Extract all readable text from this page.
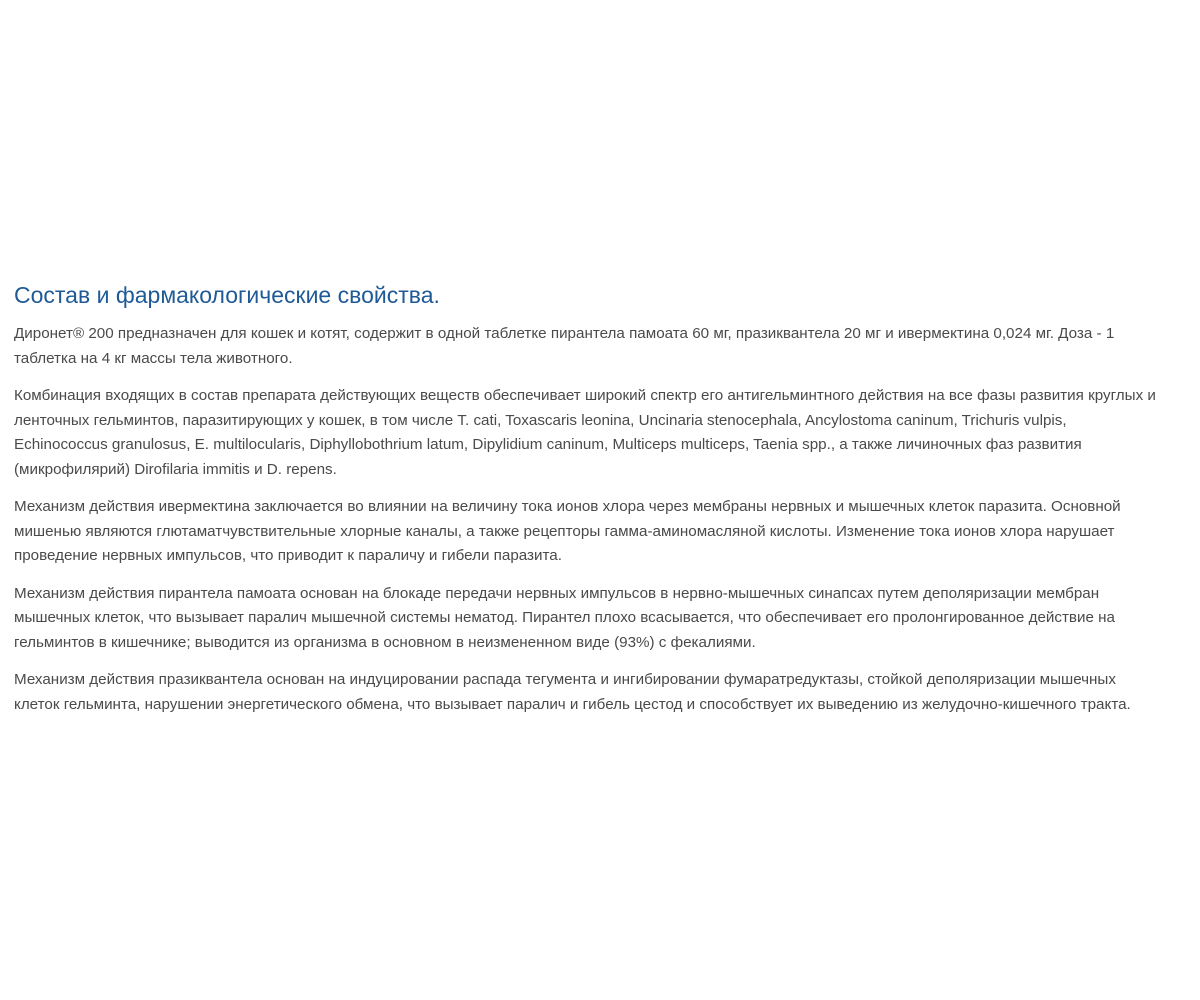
Состав и фармакологические свойства.

Диронет® 200 предназначен для кошек и котят, содержит в одной таблетке пирантела памоата 60 мг, празиквантела 20 мг и ивермектина 0,024 мг. Доза - 1 таблетка на 4 кг массы тела животного.

Комбинация входящих в состав препарата действующих веществ обеспечивает широкий спектр его антигельминтного действия на все фазы развития круглых и ленточных гельминтов, паразитирующих у кошек, в том числе T. cati, Toxascaris leonina, Uncinaria stenocephala, Ancylostoma caninum, Trichuris vulpis, Echinococcus granulosus, E. multilocularis, Diphyllobothrium latum, Dipylidium caninum, Multiceps multiceps, Taenia spp., а также личиночных фаз развития (микрофилярий) Dirofilaria immitis и D. repens.

Механизм действия ивермектина заключается во влиянии на величину тока ионов хлора через мембраны нервных и мышечных клеток паразита. Основной мишенью являются глютаматчувствительные хлорные каналы, а также рецепторы гамма-аминомасляной кислоты. Изменение тока ионов хлора нарушает проведение нервных импульсов, что приводит к параличу и гибели паразита.

Механизм действия пирантела памоата основан на блокаде передачи нервных импульсов в нервно-мышечных синапсах путем деполяризации мембран мышечных клеток, что вызывает паралич мышечной системы нематод. Пирантел плохо всасывается, что обеспечивает его пролонгированное действие на гельминтов в кишечнике; выводится из организма в основном в неизмененном виде (93%) с фекалиями.

Механизм действия празиквантела основан на индуцировании распада тегумента и ингибировании фумаратредуктазы, стойкой деполяризации мышечных клеток гельминта, нарушении энергетического обмена, что вызывает паралич и гибель цестод и способствует их выведению из желудочно-кишечного тракта.
